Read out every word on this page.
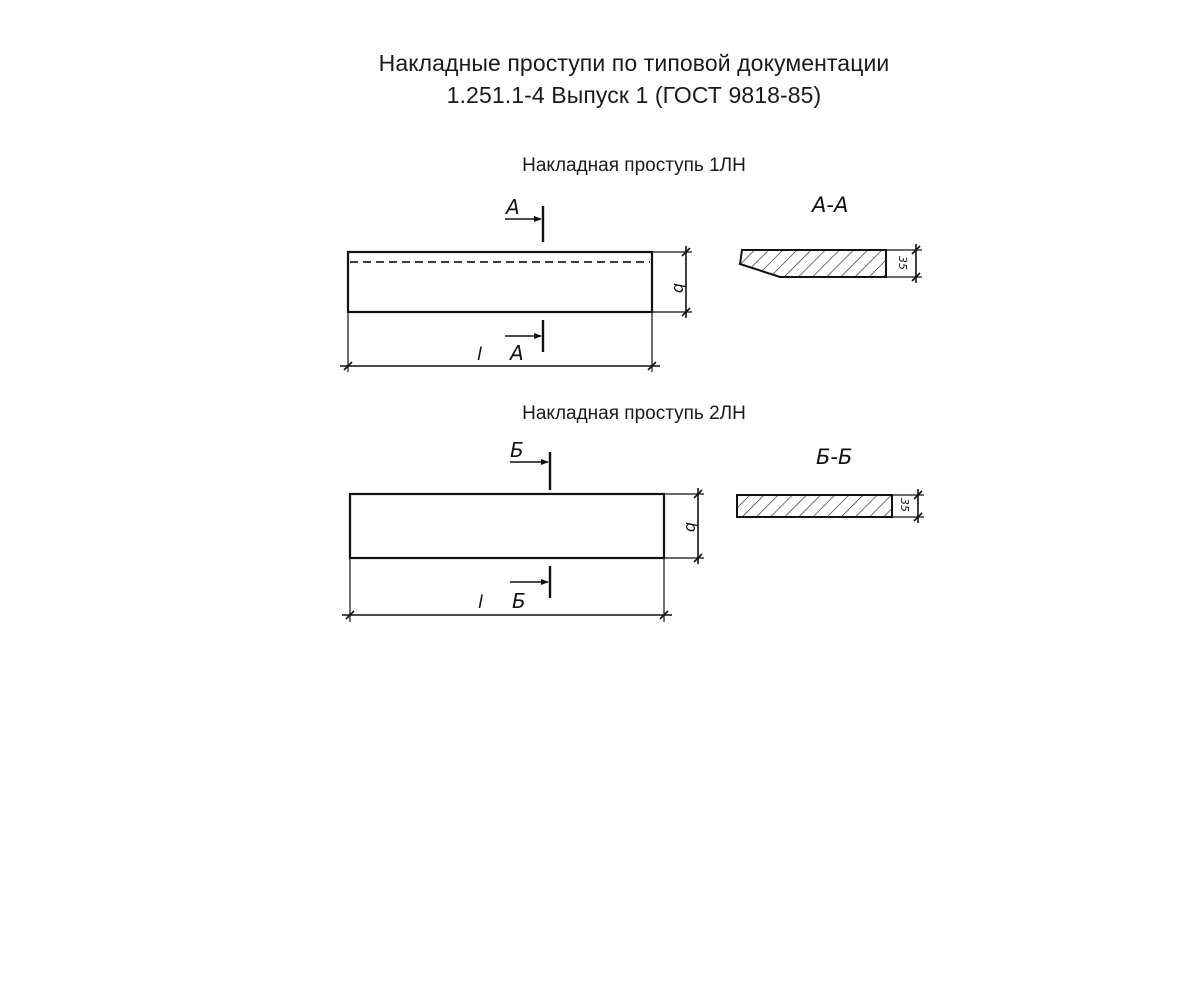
Накладные проступи по типовой документации
1.251.1-4 Выпуск 1 (ГОСТ 9818-85)
Накладная проступь 1ЛН
Накладная проступь 2ЛН
А
А
l
b
А-А
35
Б
Б
l
b
Б-Б
35
